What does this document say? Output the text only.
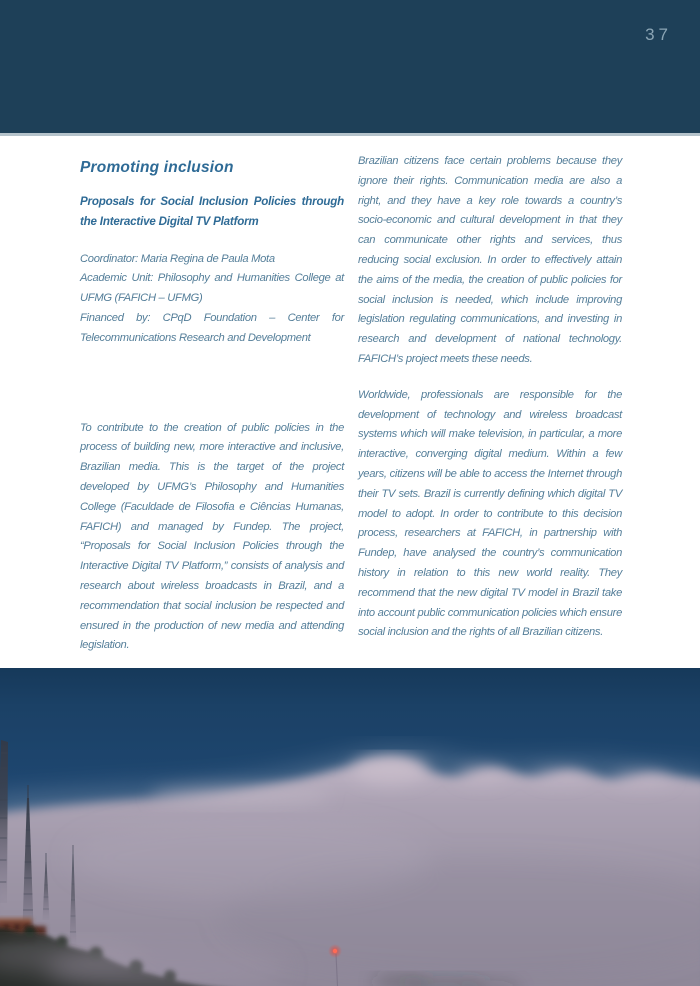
37
Promoting inclusion
Proposals for Social Inclusion Policies through the Interactive Digital TV Platform

Coordinator: Maria Regina de Paula Mota

Academic Unit: Philosophy and Humanities College at UFMG (FAFICH – UFMG)

Financed by: CPqD Foundation – Center for Telecommunications Research and Development

To contribute to the creation of public policies in the process of building new, more interactive and inclusive, Brazilian media. This is the target of the project developed by UFMG’s Philosophy and Humanities College (Faculdade de Filosofia e Ciências Humanas, FAFICH) and managed by Fundep. The project, “Proposals for Social Inclusion Policies through the Interactive Digital TV Platform,” consists of analysis and research about wireless broadcasts in Brazil, and a recommendation that social inclusion be respected and ensured in the production of new media and attending legislation.

Brazilian citizens face certain problems because they ignore their rights. Communication media are also a right, and they have a key role towards a country’s socio-economic and cultural development in that they can communicate other rights and services, thus reducing social exclusion. In order to effectively attain the aims of the media, the creation of public policies for social inclusion is needed, which include improving legislation regulating communications, and investing in research and development of national technology. FAFICH’s project meets these needs.

Worldwide, professionals are responsible for the development of technology and wireless broadcast systems which will make television, in particular, a more interactive, converging digital medium. Within a few years, citizens will be able to access the Internet through their TV sets. Brazil is currently defining which digital TV model to adopt. In order to contribute to this decision process, researchers at FAFICH, in partnership with Fundep, have analysed the country’s communication history in relation to this new world reality. They recommend that the new digital TV model in Brazil take into account public communication policies which ensure social inclusion and the rights of all Brazilian citizens.
